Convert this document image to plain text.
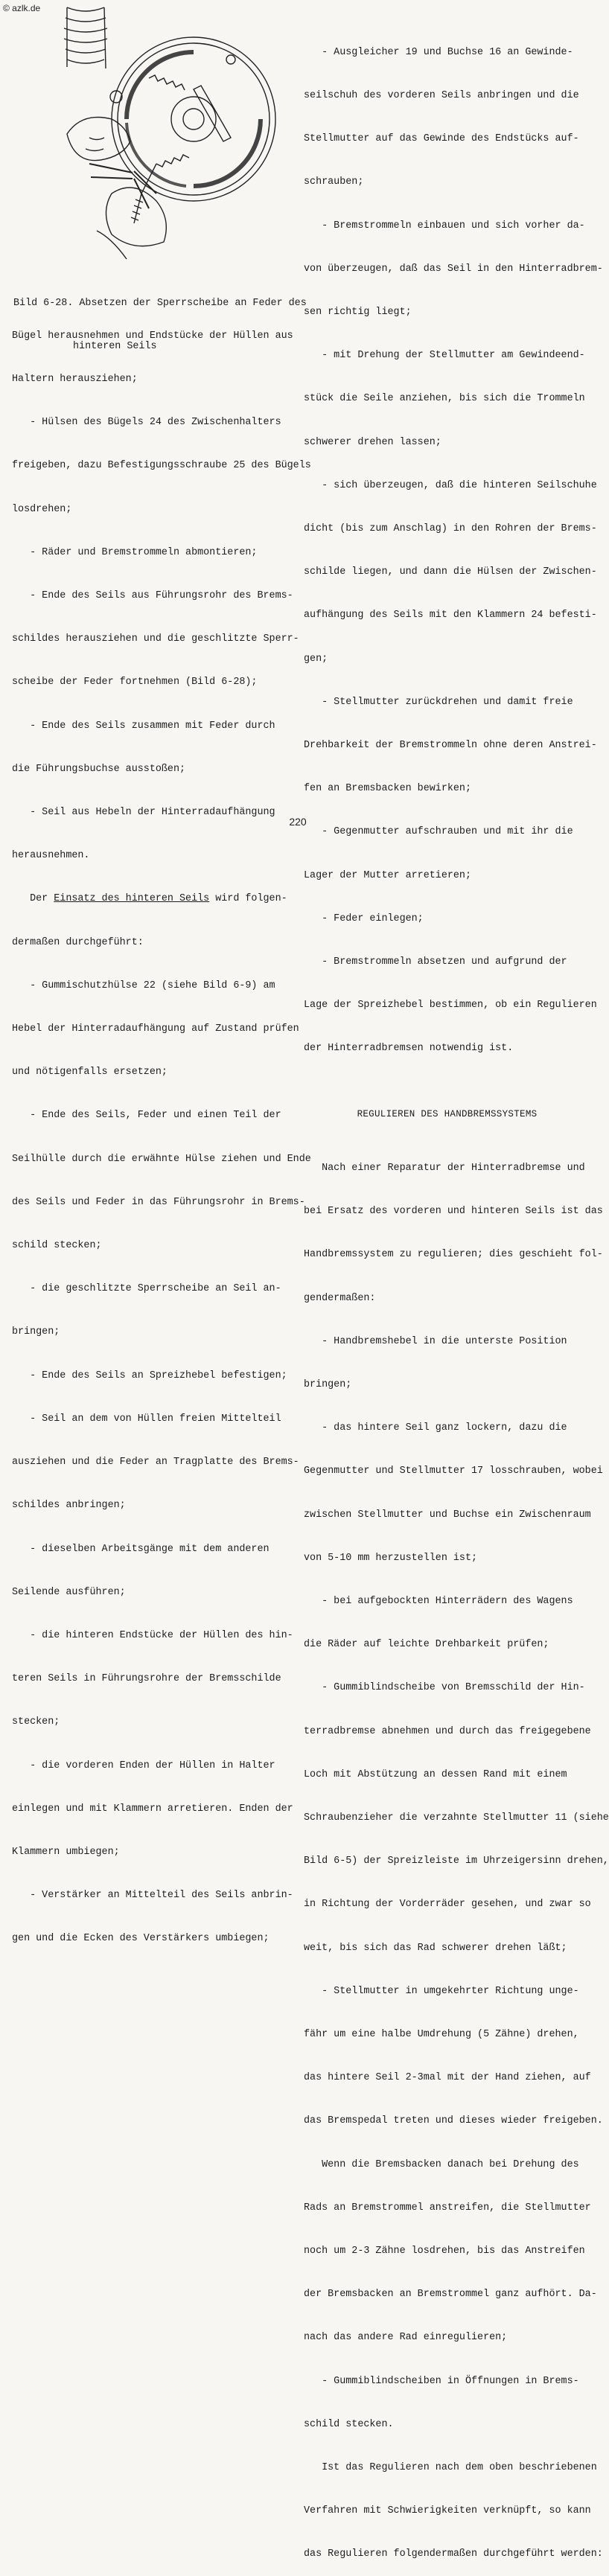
© azlk.de

Bild 6-28. Absetzen der Sperrscheibe an Feder des

hinteren Seils

Bügel herausnehmen und Endstücke der Hüllen aus

Haltern herausziehen;

- Hülsen des Bügels 24 des Zwischenhalters

freigeben, dazu Befestigungsschraube 25 des Bügels

losdrehen;

- Räder und Bremstrommeln abmontieren;

- Ende des Seils aus Führungsrohr des Brems-

schildes herausziehen und die geschlitzte Sperr-

scheibe der Feder fortnehmen (Bild 6-28);

- Ende des Seils zusammen mit Feder durch

die Führungsbuchse ausstoßen;

- Seil aus Hebeln der Hinterradaufhängung

herausnehmen.

Der Einsatz des hinteren Seils wird folgen-

dermaßen durchgeführt:

- Gummischutzhülse 22 (siehe Bild 6-9) am

Hebel der Hinterradaufhängung auf Zustand prüfen

und nötigenfalls ersetzen;

- Ende des Seils, Feder und einen Teil der

Seilhülle durch die erwähnte Hülse ziehen und Ende

des Seils und Feder in das Führungsrohr in Brems-

schild stecken;

- die geschlitzte Sperrscheibe an Seil an-

bringen;

- Ende des Seils an Spreizhebel befestigen;

- Seil an dem von Hüllen freien Mittelteil

ausziehen und die Feder an Tragplatte des Brems-

schildes anbringen;

- dieselben Arbeitsgänge mit dem anderen

Seilende ausführen;

- die hinteren Endstücke der Hüllen des hin-

teren Seils in Führungsrohre der Bremsschilde

stecken;

- die vorderen Enden der Hüllen in Halter

einlegen und mit Klammern arretieren. Enden der

Klammern umbiegen;

- Verstärker an Mittelteil des Seils anbrin-

gen und die Ecken des Verstärkers umbiegen;

- Ausgleicher 19 und Buchse 16 an Gewinde-

seilschuh des vorderen Seils anbringen und die

Stellmutter auf das Gewinde des Endstücks auf-

schrauben;

- Bremstrommeln einbauen und sich vorher da-

von überzeugen, daß das Seil in den Hinterradbrem-

sen richtig liegt;

- mit Drehung der Stellmutter am Gewindeend-

stück die Seile anziehen, bis sich die Trommeln

schwerer drehen lassen;

- sich überzeugen, daß die hinteren Seilschuhe

dicht (bis zum Anschlag) in den Rohren der Brems-

schilde liegen, und dann die Hülsen der Zwischen-

aufhängung des Seils mit den Klammern 24 befesti-

gen;

- Stellmutter zurückdrehen und damit freie

Drehbarkeit der Bremstrommeln ohne deren Anstrei-

fen an Bremsbacken bewirken;

- Gegenmutter aufschrauben und mit ihr die

Lager der Mutter arretieren;

- Feder einlegen;

- Bremstrommeln absetzen und aufgrund der

Lage der Spreizhebel bestimmen, ob ein Regulieren

der Hinterradbremsen notwendig ist.

REGULIEREN DES HANDBREMSSYSTEMS

Nach einer Reparatur der Hinterradbremse und

bei Ersatz des vorderen und hinteren Seils ist das

Handbremssystem zu regulieren; dies geschieht fol-

gendermaßen:

- Handbremshebel in die unterste Position

bringen;

- das hintere Seil ganz lockern, dazu die

Gegenmutter und Stellmutter 17 losschrauben, wobei

zwischen Stellmutter und Buchse ein Zwischenraum

von 5-10 mm herzustellen ist;

- bei aufgebockten Hinterrädern des Wagens

die Räder auf leichte Drehbarkeit prüfen;

- Gummiblindscheibe von Bremsschild der Hin-

terradbremse abnehmen und durch das freigegebene

Loch mit Abstützung an dessen Rand mit einem

Schraubenzieher die verzahnte Stellmutter 11 (siehe

Bild 6-5) der Spreizleiste im Uhrzeigersinn drehen,

in Richtung der Vorderräder gesehen, und zwar so

weit, bis sich das Rad schwerer drehen läßt;

- Stellmutter in umgekehrter Richtung unge-

fähr um eine halbe Umdrehung (5 Zähne) drehen,

das hintere Seil 2-3mal mit der Hand ziehen, auf

das Bremspedal treten und dieses wieder freigeben.

Wenn die Bremsbacken danach bei Drehung des

Rads an Bremstrommel anstreifen, die Stellmutter

noch um 2-3 Zähne losdrehen, bis das Anstreifen

der Bremsbacken an Bremstrommel ganz aufhört. Da-

nach das andere Rad einregulieren;

- Gummiblindscheiben in Öffnungen in Brems-

schild stecken.

Ist das Regulieren nach dem oben beschriebenen

Verfahren mit Schwierigkeiten verknüpft, so kann

das Regulieren folgendermaßen durchgeführt werden:

220
